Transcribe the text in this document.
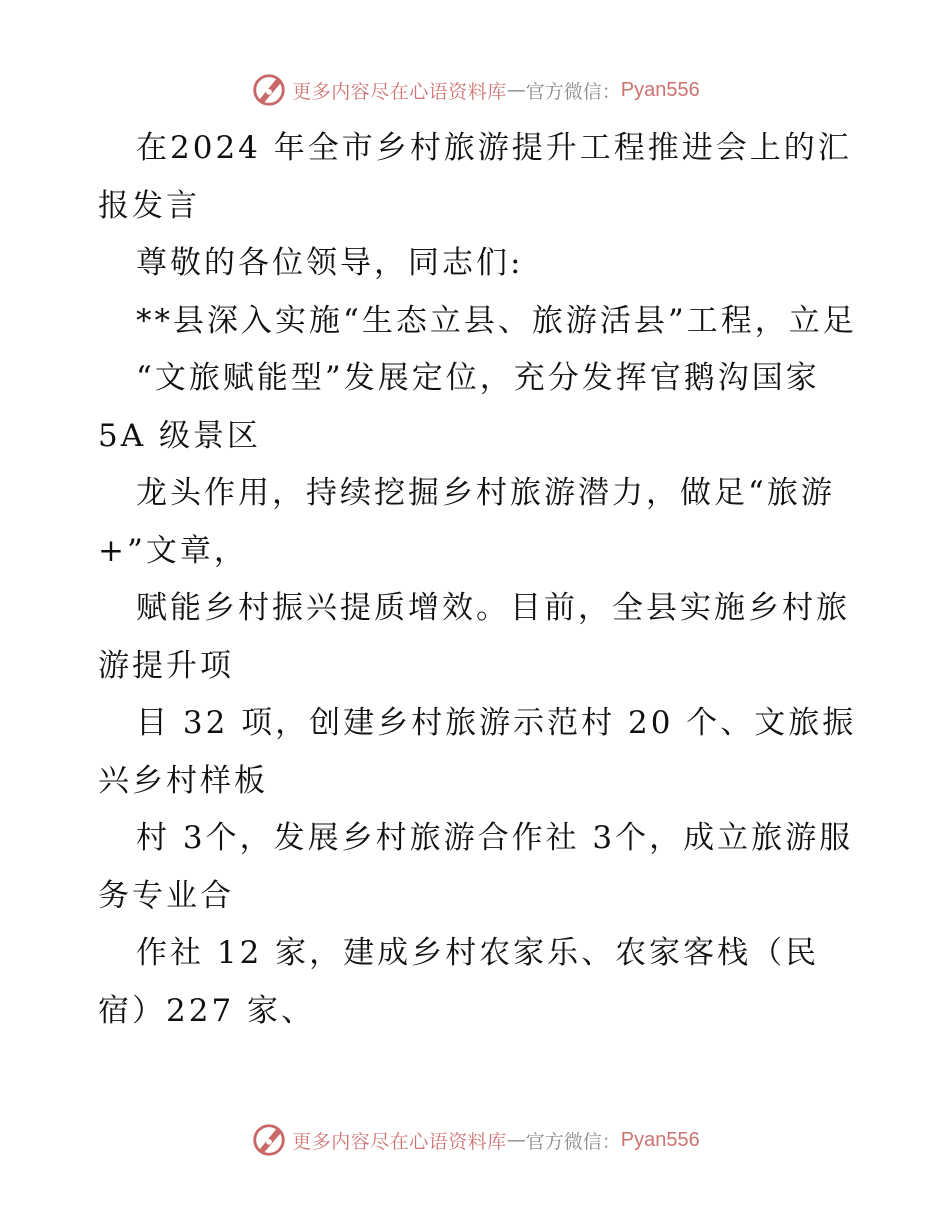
更多内容尽在心语资料库 — 官方微信： Pyan556

在2024 年全市乡村旅游提升工程推进会上的汇报发言

尊敬的各位领导，同志们:

**县深入实施“生态立县、旅游活县”工程，立足

“文旅赋能型”发展定位，充分发挥官鹅沟国家5A 级景区

龙头作用，持续挖掘乡村旅游潜力，做足“旅游+”文章，

赋能乡村振兴提质增效。目前，全县实施乡村旅游提升项

目 32 项，创建乡村旅游示范村 20 个、文旅振兴乡村样板

村 3个，发展乡村旅游合作社 3个，成立旅游服务专业合

作社 12 家，建成乡村农家乐、农家客栈（民宿）227 家、

更多内容尽在心语资料库 — 官方微信： Pyan556
